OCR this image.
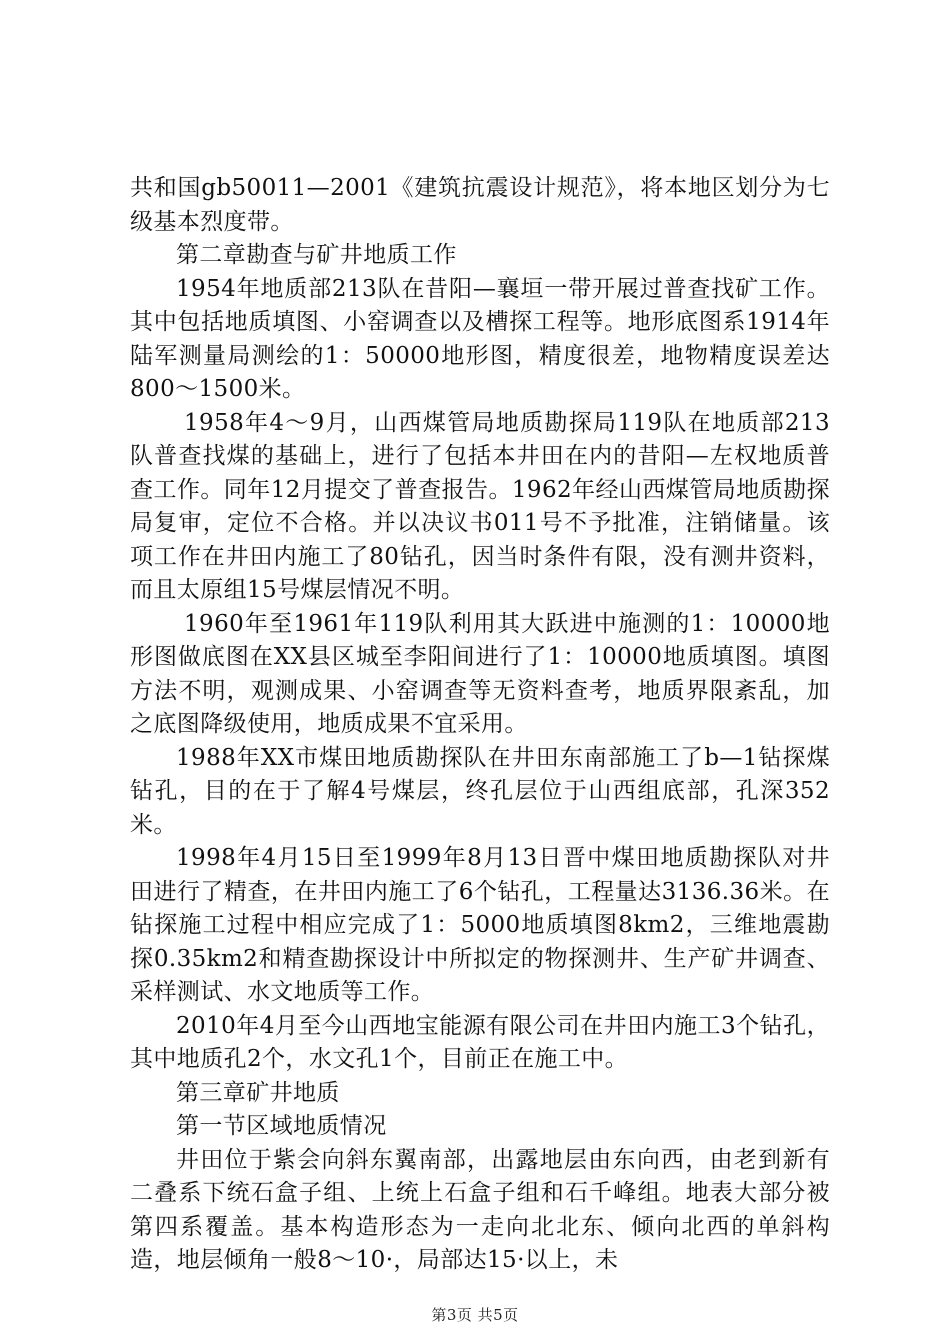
共和国gb50011—2001《建筑抗震设计规范》，将本地区划分为七级基本烈度带。

第二章勘查与矿井地质工作

1954年地质部213队在昔阳—襄垣一带开展过普查找矿工作。其中包括地质填图、小窑调查以及槽探工程等。地形底图系1914年陆军测量局测绘的1：50000地形图，精度很差，地物精度误差达800～1500米。

1958年4～9月，山西煤管局地质勘探局119队在地质部213队普查找煤的基础上，进行了包括本井田在内的昔阳—左权地质普查工作。同年12月提交了普查报告。1962年经山西煤管局地质勘探局复审，定位不合格。并以决议书011号不予批准，注销储量。该项工作在井田内施工了80钻孔，因当时条件有限，没有测井资料，而且太原组15号煤层情况不明。

1960年至1961年119队利用其大跃进中施测的1：10000地形图做底图在XX县区城至李阳间进行了1：10000地质填图。填图方法不明，观测成果、小窑调查等无资料查考，地质界限紊乱，加之底图降级使用，地质成果不宜采用。

1988年XX市煤田地质勘探队在井田东南部施工了b—1钻探煤钻孔，目的在于了解4号煤层，终孔层位于山西组底部，孔深352米。

1998年4月15日至1999年8月13日晋中煤田地质勘探队对井田进行了精查，在井田内施工了6个钻孔，工程量达3136.36米。在钻探施工过程中相应完成了1：5000地质填图8km2，三维地震勘探0.35km2和精查勘探设计中所拟定的物探测井、生产矿井调查、采样测试、水文地质等工作。

2010年4月至今山西地宝能源有限公司在井田内施工3个钻孔，其中地质孔2个，水文孔1个，目前正在施工中。

第三章矿井地质

第一节区域地质情况

井田位于紫会向斜东翼南部，出露地层由东向西，由老到新有二叠系下统石盒子组、上统上石盒子组和石千峰组。地表大部分被第四系覆盖。基本构造形态为一走向北北东、倾向北西的单斜构造，地层倾角一般8～10·，局部达15·以上，未

第3页 共5页
